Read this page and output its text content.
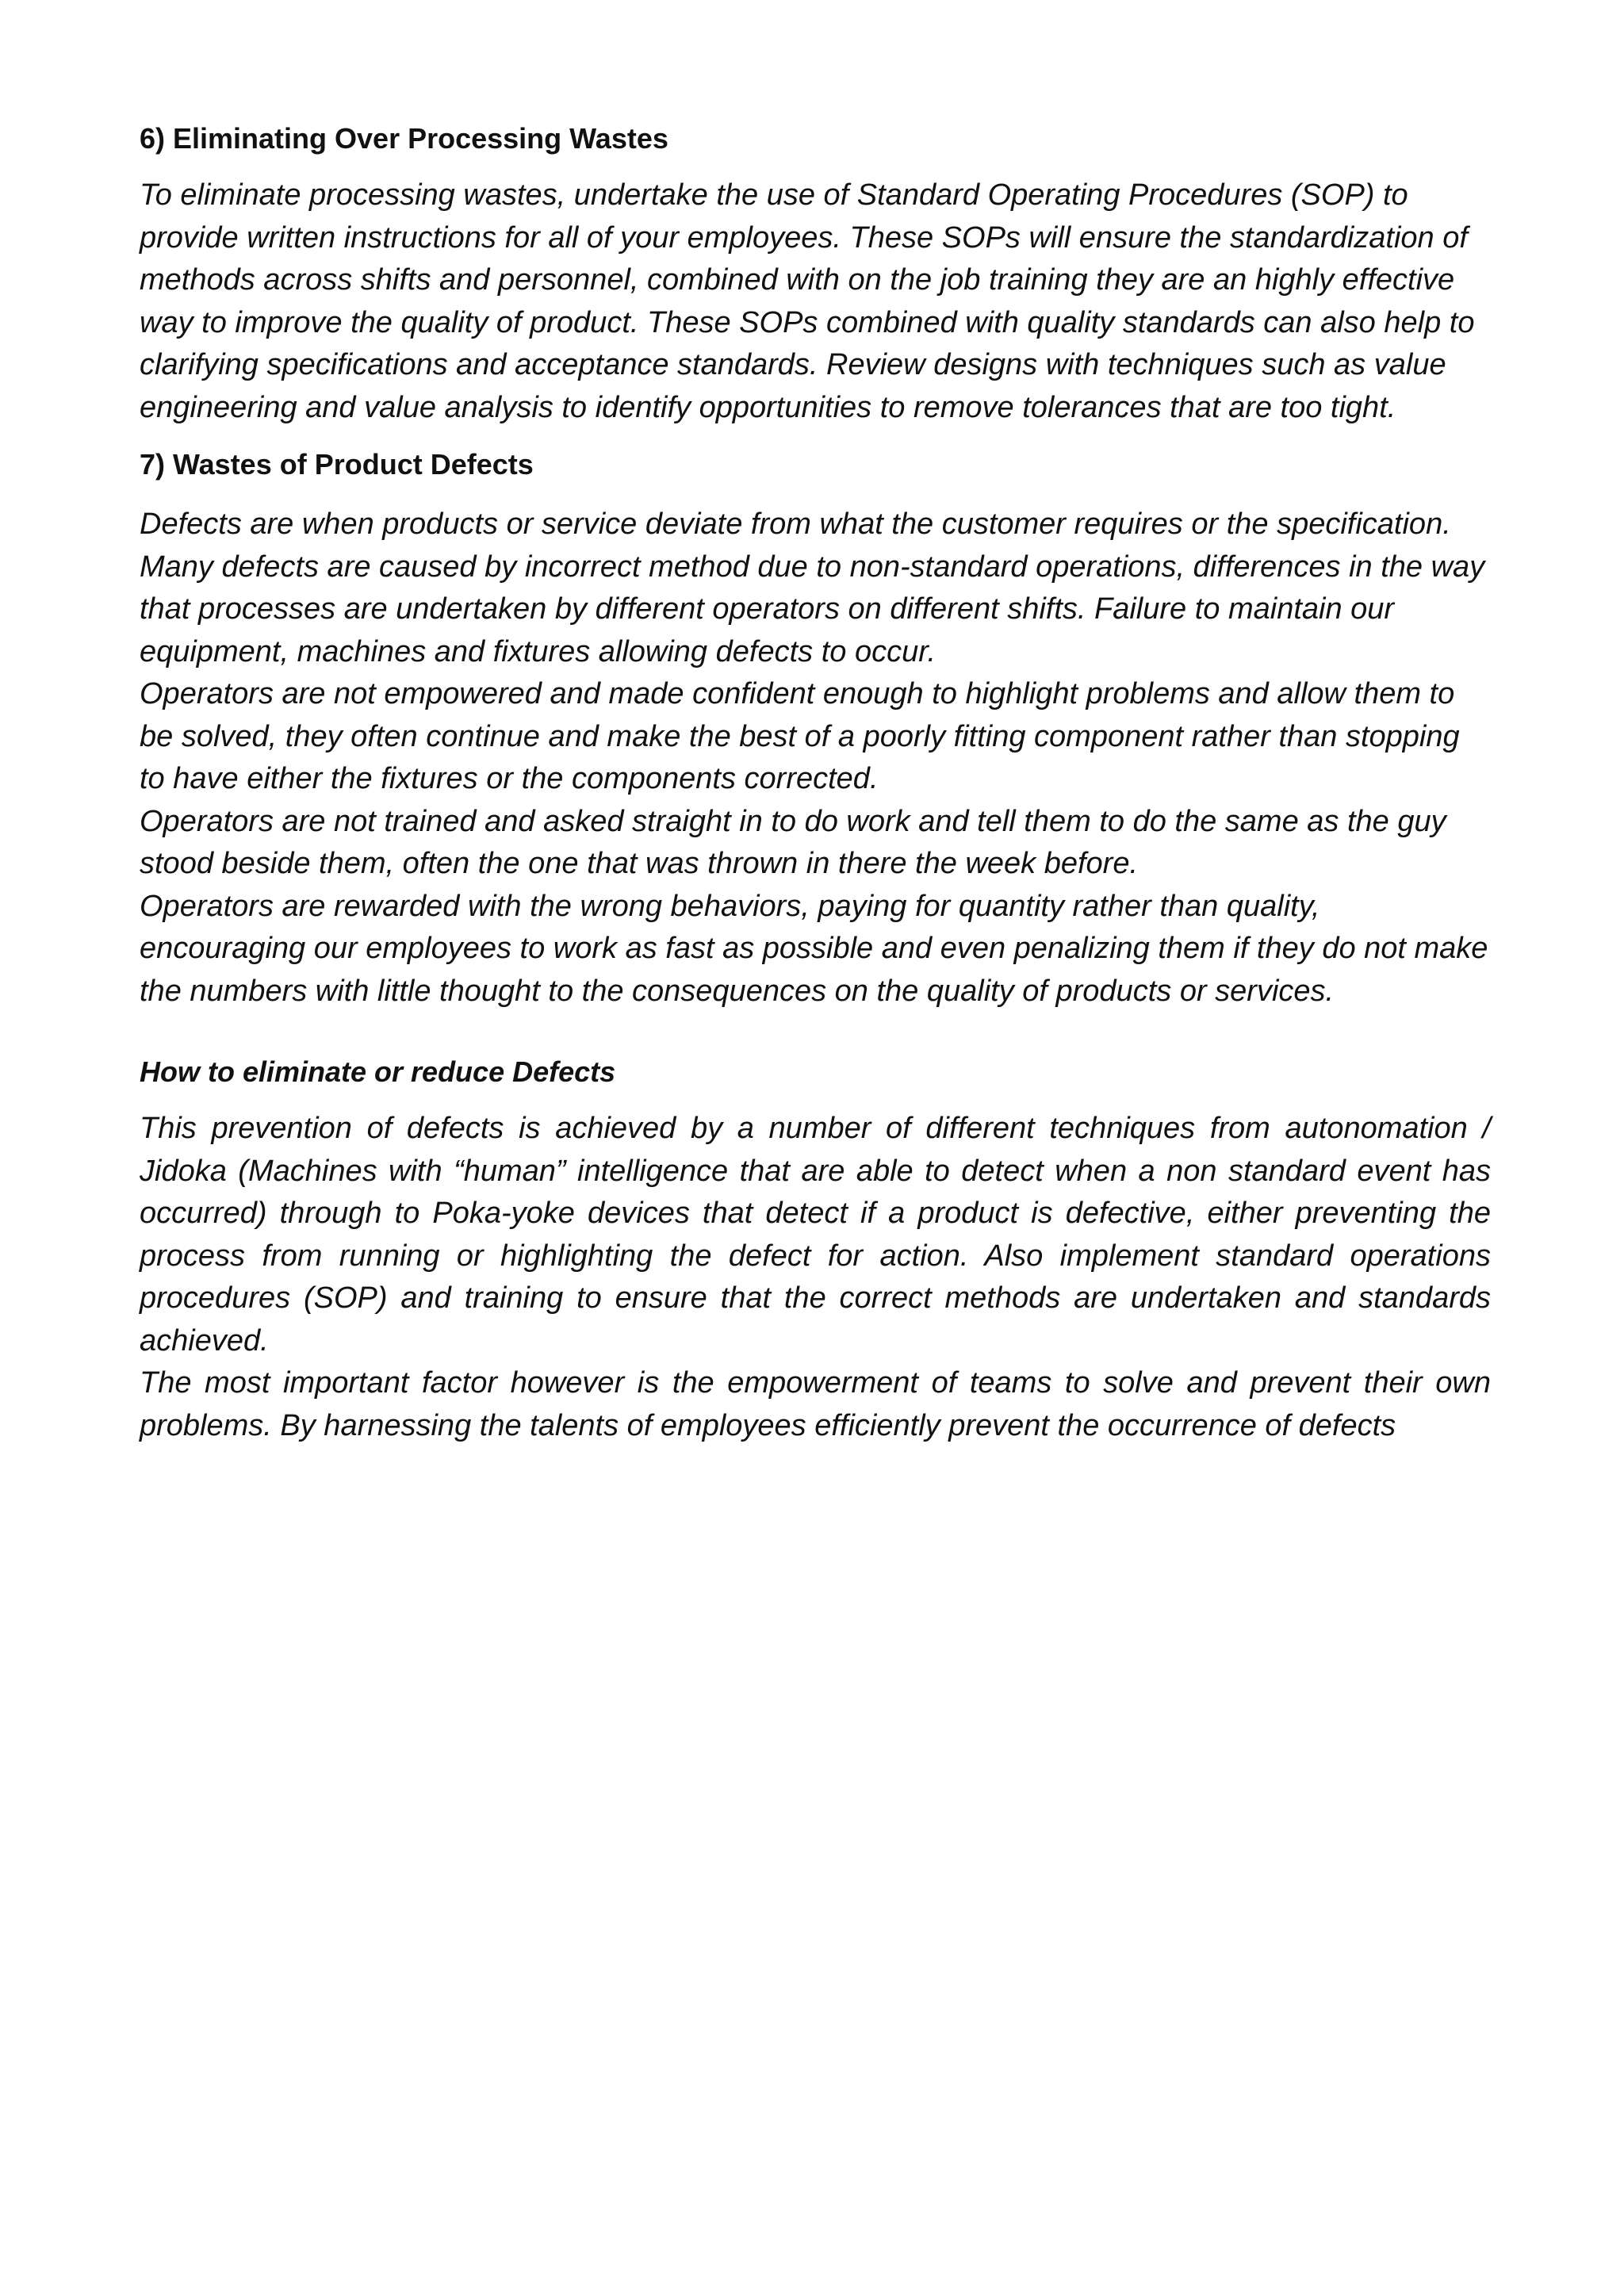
6) Eliminating Over Processing Wastes

To eliminate processing wastes, undertake the use of Standard Operating Procedures (SOP) to provide written instructions for all of your employees. These SOPs will ensure the standardization of methods across shifts and personnel, combined with on the job training they are an highly effective way to improve the quality of product. These SOPs combined with quality standards can also help to clarifying specifications and acceptance standards. Review designs with techniques such as value engineering and value analysis to identify opportunities to remove tolerances that are too tight.

7) Wastes of Product Defects

Defects are when products or service deviate from what the customer requires or the specification. Many defects are caused by incorrect method due to non-standard operations, differences in the way that processes are undertaken by different operators on different shifts. Failure to maintain our equipment, machines and fixtures allowing defects to occur.

Operators are not empowered and made confident enough to highlight problems and allow them to be solved, they often continue and make the best of a poorly fitting component rather than stopping to have either the fixtures or the components corrected.

Operators are not trained and asked straight in to do work and tell them to do the same as the guy stood beside them, often the one that was thrown in there the week before.

Operators are rewarded with the wrong behaviors, paying for quantity rather than quality, encouraging our employees to work as fast as possible and even penalizing them if they do not make the numbers with little thought to the consequences on the quality of products or services.

How to eliminate or reduce Defects

This prevention of defects is achieved by a number of different techniques from autonomation / Jidoka (Machines with “human” intelligence that are able to detect when a non standard event has occurred) through to Poka-yoke devices that detect if a product is defective, either preventing the process from running or highlighting the defect for action. Also implement standard operations procedures (SOP) and training to ensure that the correct methods are undertaken and standards achieved.

The most important factor however is the empowerment of teams to solve and prevent their own problems. By harnessing the talents of employees efficiently prevent the occurrence of defects
